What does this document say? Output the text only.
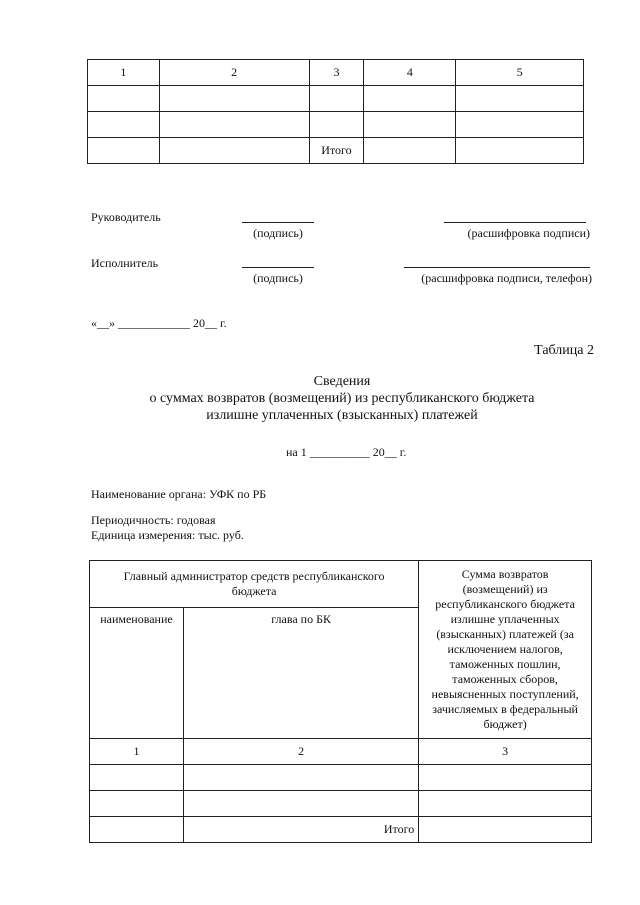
1	2	3	4	5

		Итого		
Руководитель
(подпись)	(расшифровка подписи)
Исполнитель
(подпись)	(расшифровка подписи, телефон)
«__» ____________ 20__ г.
Таблица 2
Сведения
о суммах возвратов (возмещений) из республиканского бюджета
излишне уплаченных (взысканных) платежей
на 1 __________ 20__ г.
Наименование органа: УФК по РБ
Периодичность: годовая
Единица измерения: тыс. руб.
Главный администратор средств республиканского бюджета		Сумма возвратов (возмещений) из республиканского бюджета излишне уплаченных (взысканных) платежей (за исключением налогов, таможенных пошлин, таможенных сборов, невыясненных поступлений, зачисляемых в федеральный бюджет)
наименование	глава по БК	
1	2	3

	Итого	
